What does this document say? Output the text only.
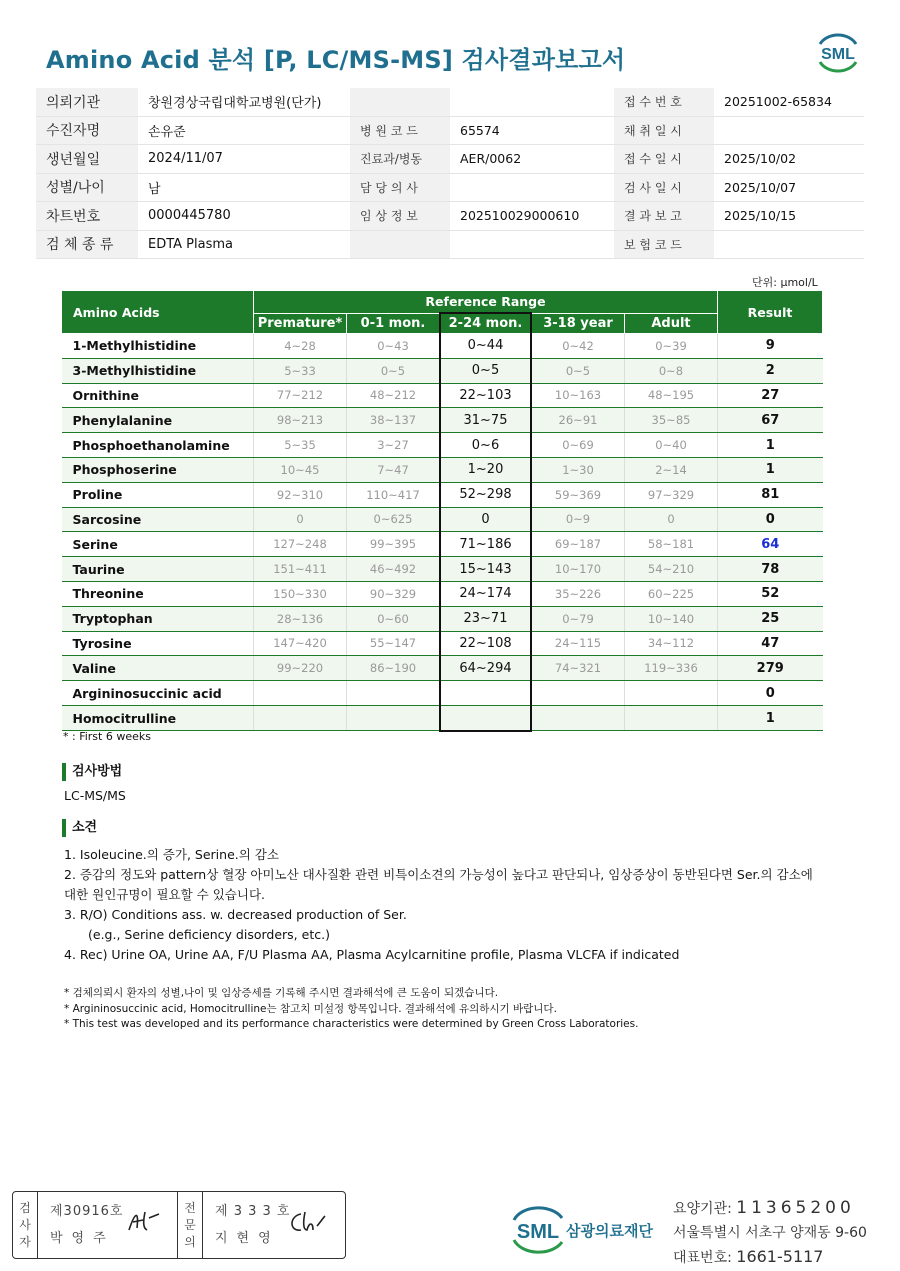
Amino Acid 분석 [P, LC/MS-MS] 검사결과보고서	SML
의뢰기관	창원경상국립대학교병원(단가)			접 수 번 호	20251002-65834
수진자명	손유준	병 원 코 드	65574	채 취 일 시	
생년월일	2024/11/07	진료과/병동	AER/0062	접 수 일 시	2025/10/02
성별/나이	남	담 당 의 사		검 사 일 시	2025/10/07
차트번호	0000445780	임 상 정 보	202510029000610	결 과 보 고	2025/10/15
검 체 종 류	EDTA Plasma			보 험 코 드	
단위: μmol/L
Amino Acids	Reference Range					Result
	Premature*	0-1 mon.	2-24 mon.	3-18 year	Adult	
1-Methylhistidine	4~28	0~43	0~44	0~42	0~39	9
3-Methylhistidine	5~33	0~5	0~5	0~5	0~8	2
Ornithine	77~212	48~212	22~103	10~163	48~195	27
Phenylalanine	98~213	38~137	31~75	26~91	35~85	67
Phosphoethanolamine	5~35	3~27	0~6	0~69	0~40	1
Phosphoserine	10~45	7~47	1~20	1~30	2~14	1
Proline	92~310	110~417	52~298	59~369	97~329	81
Sarcosine	0	0~625	0	0~9	0	0
Serine	127~248	99~395	71~186	69~187	58~181	64
Taurine	151~411	46~492	15~143	10~170	54~210	78
Threonine	150~330	90~329	24~174	35~226	60~225	52
Tryptophan	28~136	0~60	23~71	0~79	10~140	25
Tyrosine	147~420	55~147	22~108	24~115	34~112	47
Valine	99~220	86~190	64~294	74~321	119~336	279
Argininosuccinic acid						0
Homocitrulline						1
* : First 6 weeks
검사방법
LC-MS/MS
소견
1. Isoleucine.의 증가, Serine.의 감소
2. 증감의 정도와 pattern상 혈장 아미노산 대사질환 관련 비특이소견의 가능성이 높다고 판단되나, 임상증상이 동반된다면 Ser.의 감소에
대한 원인규명이 필요할 수 있습니다.
3. R/O) Conditions ass. w. decreased production of Ser.
(e.g., Serine deficiency disorders, etc.)
4. Rec) Urine OA, Urine AA, F/U Plasma AA, Plasma Acylcarnitine profile, Plasma VLCFA if indicated
* 검체의뢰시 환자의 성별,나이 및 임상증세를 기록해 주시면 결과해석에 큰 도움이 되겠습니다.
* Argininosuccinic acid, Homocitrulline는 참고치 미설정 항목입니다. 결과해석에 유의하시기 바랍니다.
* This test was developed and its performance characteristics were determined by Green Cross Laboratories.
검
사
자
제30916호
박영주
전
문
의
제 3 3 3 호
지현영	SML 삼광의료재단
요양기관: 11365200
서울특별시 서초구 양재동 9-60
대표번호: 1661-5117
